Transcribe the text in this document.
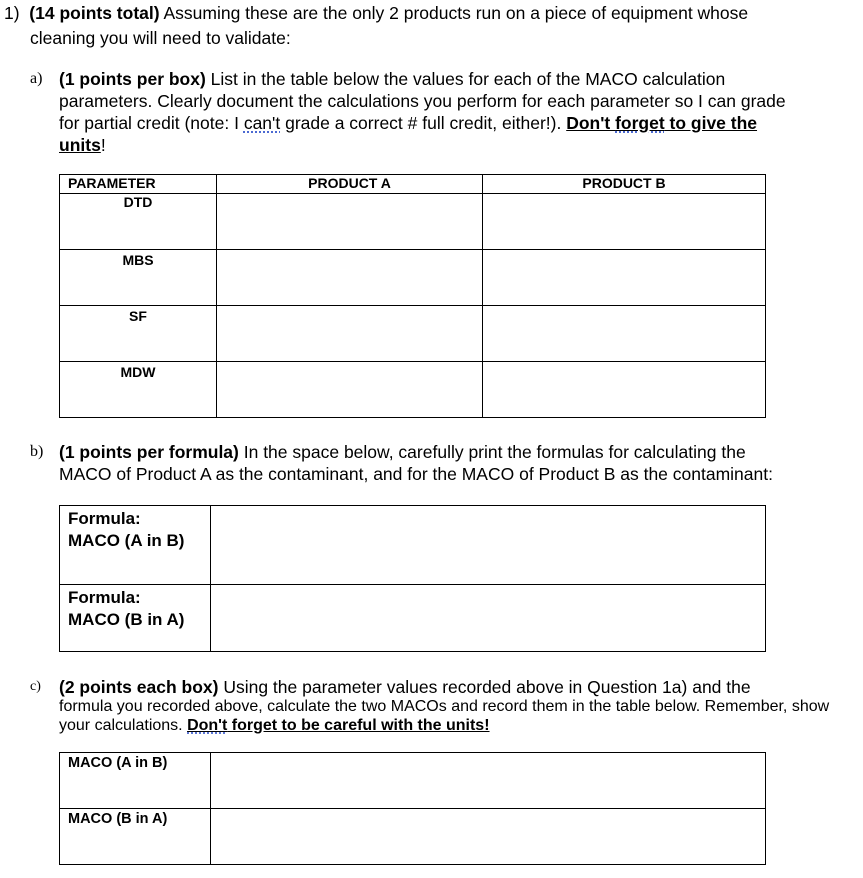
1) (14 points total) Assuming these are the only 2 products run on a piece of equipment whose
cleaning you will need to validate:
a) (1 points per box) List in the table below the values for each of the MACO calculation
parameters. Clearly document the calculations you perform for each parameter so I can grade
for partial credit (note: I can't grade a correct # full credit, either!). Don't forget to give the
units!
PARAMETER	PRODUCT A	PRODUCT B
DTD		
MBS		
SF		
MDW		
b) (1 points per formula) In the space below, carefully print the formulas for calculating the
MACO of Product A as the contaminant, and for the MACO of Product B as the contaminant:
Formula:
MACO (A in B)	

Formula:
MACO (B in A)	

c) (2 points each box) Using the parameter values recorded above in Question 1a) and the
formula you recorded above, calculate the two MACOs and record them in the table below. Remember, show
your calculations. Don't forget to be careful with the units!
MACO (A in B)	
MACO (B in A)	
